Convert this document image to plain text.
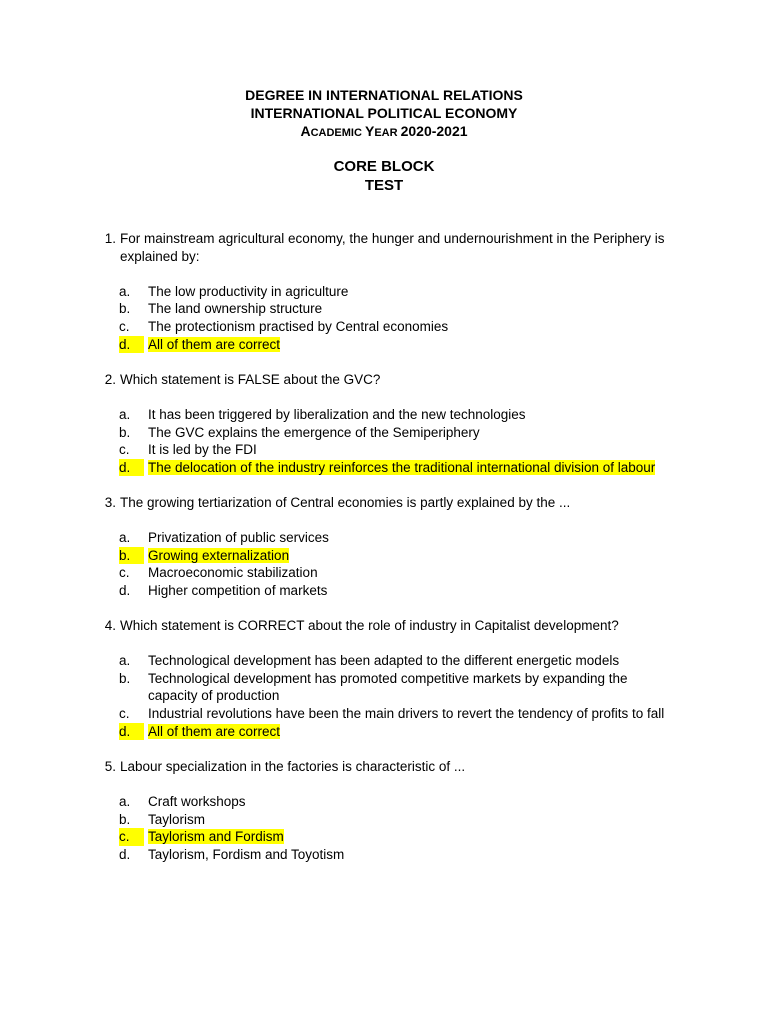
DEGREE IN INTERNATIONAL RELATIONS
INTERNATIONAL POLITICAL ECONOMY
ACADEMIC YEAR 2020-2021
CORE BLOCK
TEST
1. For mainstream agricultural economy, the hunger and undernourishment in the Periphery is explained by:
a. The low productivity in agriculture
b. The land ownership structure
c. The protectionism practised by Central economies
d.	All of them are correct
2. Which statement is FALSE about the GVC?
a. It has been triggered by liberalization and the new technologies
b. The GVC explains the emergence of the Semiperiphery
c. It is led by the FDI
d.	The delocation of the industry reinforces the traditional international division of labour
3. The growing tertiarization of Central economies is partly explained by the ...
a. Privatization of public services
b.	Growing externalization
c. Macroeconomic stabilization
d. Higher competition of markets
4. Which statement is CORRECT about the role of industry in Capitalist development?
a. Technological development has been adapted to the different energetic models
b. Technological development has promoted competitive markets by expanding the capacity of production
c. Industrial revolutions have been the main drivers to revert the tendency of profits to fall
d.	All of them are correct
5. Labour specialization in the factories is characteristic of ...
a. Craft workshops
b. Taylorism
c.	Taylorism and Fordism
d. Taylorism, Fordism and Toyotism
